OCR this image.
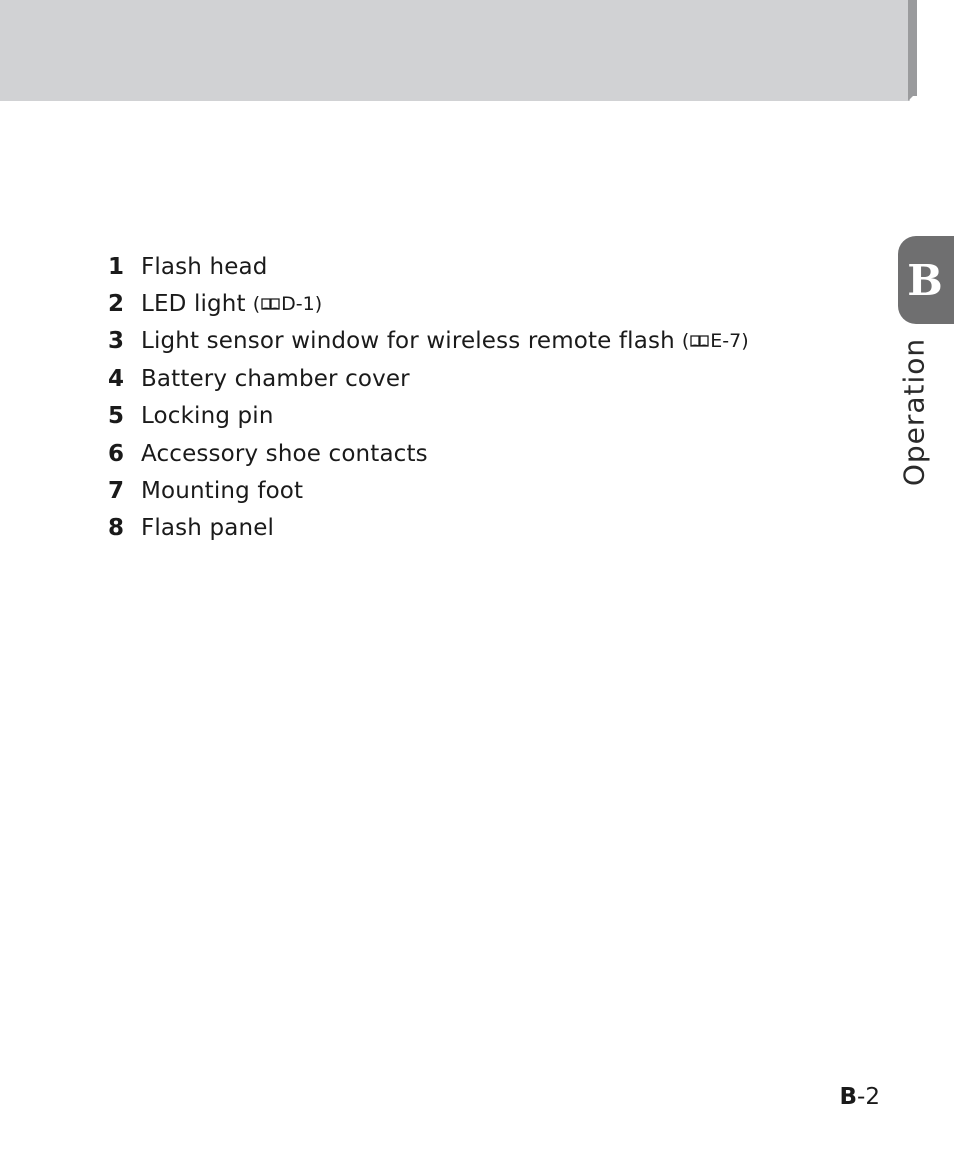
1 Flash head
2 LED light ( D-1 )
3 Light sensor window for wireless remote flash ( E-7 )
4 Battery chamber cover
5 Locking pin
6 Accessory shoe contacts
7 Mounting foot
8 Flash panel
B
Operation
B-2
